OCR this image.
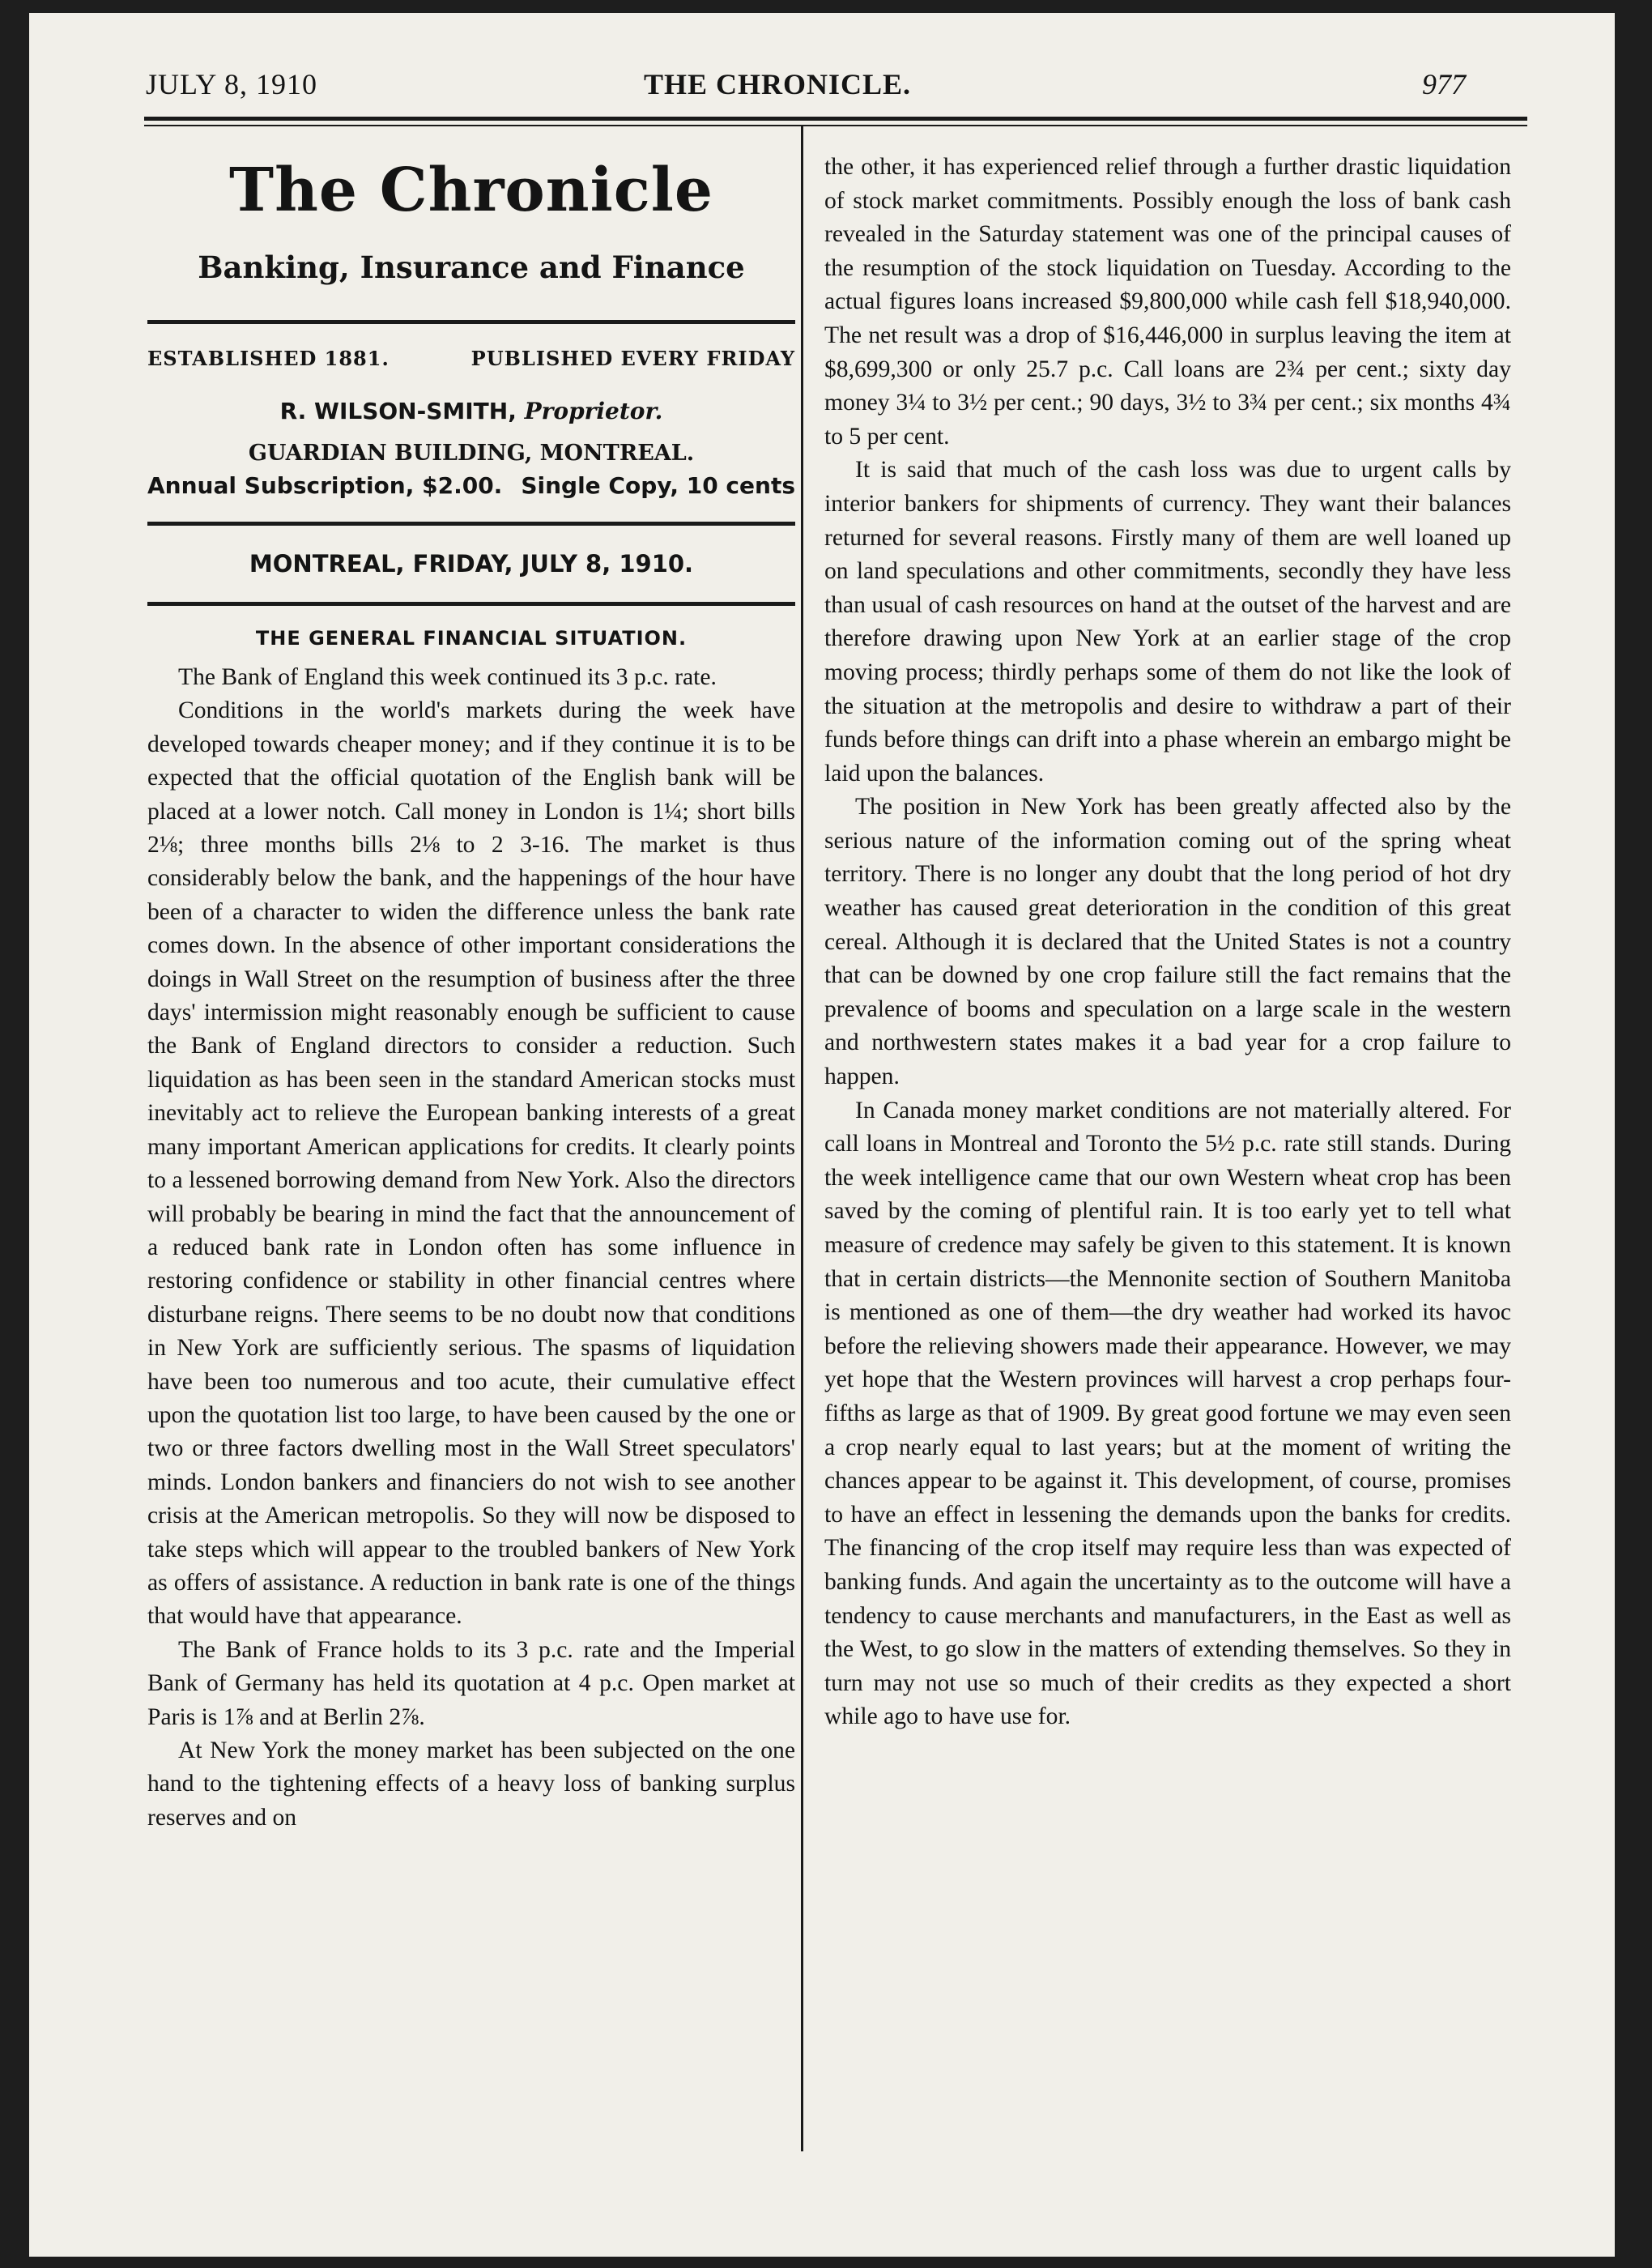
JULY 8, 1910	THE CHRONICLE.	977
The Chronicle
Banking, Insurance and Finance
ESTABLISHED 1881.	PUBLISHED EVERY FRIDAY
R. WILSON-SMITH, Proprietor.
GUARDIAN BUILDING, MONTREAL.
Annual Subscription, $2.00. Single Copy, 10 cents
MONTREAL, FRIDAY, JULY 8, 1910.
THE GENERAL FINANCIAL SITUATION.

The Bank of England this week continued its 3 p.c. rate.

Conditions in the world's markets during the week have developed towards cheaper money; and if they continue it is to be expected that the official quotation of the English bank will be placed at a lower notch. Call money in London is 1¼; short bills 2⅛; three months bills 2⅛ to 2 3-16. The market is thus considerably below the bank, and the happenings of the hour have been of a character to widen the difference unless the bank rate comes down. In the absence of other important considerations the doings in Wall Street on the resumption of business after the three days' intermission might reasonably enough be sufficient to cause the Bank of England directors to consider a reduction. Such liquidation as has been seen in the standard American stocks must inevitably act to relieve the European banking interests of a great many important American applications for credits. It clearly points to a lessened borrowing demand from New York. Also the directors will probably be bearing in mind the fact that the announcement of a reduced bank rate in London often has some influence in restoring confidence or stability in other financial centres where disturbane reigns. There seems to be no doubt now that conditions in New York are sufficiently serious. The spasms of liquidation have been too numerous and too acute, their cumulative effect upon the quotation list too large, to have been caused by the one or two or three factors dwelling most in the Wall Street speculators' minds. London bankers and financiers do not wish to see another crisis at the American metropolis. So they will now be disposed to take steps which will appear to the troubled bankers of New York as offers of assistance. A reduction in bank rate is one of the things that would have that appearance.

The Bank of France holds to its 3 p.c. rate and the Imperial Bank of Germany has held its quotation at 4 p.c. Open market at Paris is 1⅞ and at Berlin 2⅞.

At New York the money market has been subjected on the one hand to the tightening effects of a heavy loss of banking surplus reserves and on

the other, it has experienced relief through a further drastic liquidation of stock market commitments. Possibly enough the loss of bank cash revealed in the Saturday statement was one of the principal causes of the resumption of the stock liquidation on Tuesday. According to the actual figures loans increased $9,800,000 while cash fell $18,940,000. The net result was a drop of $16,446,000 in surplus leaving the item at $8,699,300 or only 25.7 p.c. Call loans are 2¾ per cent.; sixty day money 3¼ to 3½ per cent.; 90 days, 3½ to 3¾ per cent.; six months 4¾ to 5 per cent.

It is said that much of the cash loss was due to urgent calls by interior bankers for shipments of currency. They want their balances returned for several reasons. Firstly many of them are well loaned up on land speculations and other commitments, secondly they have less than usual of cash resources on hand at the outset of the harvest and are therefore drawing upon New York at an earlier stage of the crop moving process; thirdly perhaps some of them do not like the look of the situation at the metropolis and desire to withdraw a part of their funds before things can drift into a phase wherein an embargo might be laid upon the balances.

The position in New York has been greatly affected also by the serious nature of the information coming out of the spring wheat territory. There is no longer any doubt that the long period of hot dry weather has caused great deterioration in the condition of this great cereal. Although it is declared that the United States is not a country that can be downed by one crop failure still the fact remains that the prevalence of booms and speculation on a large scale in the western and northwestern states makes it a bad year for a crop failure to happen.

In Canada money market conditions are not materially altered. For call loans in Montreal and Toronto the 5½ p.c. rate still stands. During the week intelligence came that our own Western wheat crop has been saved by the coming of plentiful rain. It is too early yet to tell what measure of credence may safely be given to this statement. It is known that in certain districts—the Mennonite section of Southern Manitoba is mentioned as one of them—the dry weather had worked its havoc before the relieving showers made their appearance. However, we may yet hope that the Western provinces will harvest a crop perhaps four-fifths as large as that of 1909. By great good fortune we may even seen a crop nearly equal to last years; but at the moment of writing the chances appear to be against it. This development, of course, promises to have an effect in lessening the demands upon the banks for credits. The financing of the crop itself may require less than was expected of banking funds. And again the uncertainty as to the outcome will have a tendency to cause merchants and manufacturers, in the East as well as the West, to go slow in the matters of extending themselves. So they in turn may not use so much of their credits as they expected a short while ago to have use for.
